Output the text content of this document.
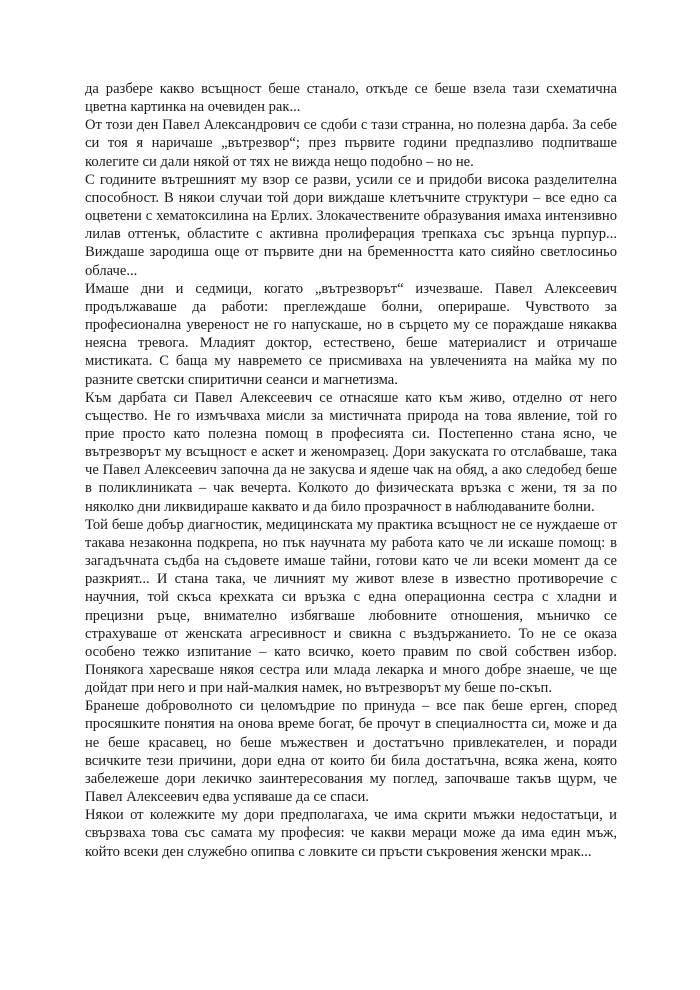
да разбере какво всъщност беше станало, откъде се беше взела тази схематична цветна картинка на очевиден рак...

От този ден Павел Александрович се сдоби с тази странна, но полезна дарба. За себе си тоя я наричаше „вътрезвор“; през първите години предпазливо подпитваше колегите си дали някой от тях не вижда нещо подобно – но не.

С годините вътрешният му взор се разви, усили се и придоби висока разделителна способност. В някои случаи той дори виждаше клетъчните структури – все едно са оцветени с хематоксилина на Ерлих. Злокачествените образувания имаха интензивно лилав оттенък, областите с активна пролиферация трепкаха със зрънца пурпур... Виждаше зародиша още от първите дни на бременността като сияйно светлосиньо облаче...

Имаше дни и седмици, когато „вътрезворът“ изчезваше. Павел Алексеевич продължаваше да работи: преглеждаше болни, оперираше. Чувството за професионална увереност не го напускаше, но в сърцето му се пораждаше някаква неясна тревога. Младият доктор, естествено, беше материалист и отричаше мистиката. С баща му навремето се присмиваха на увлеченията на майка му по разните светски спиритични сеанси и магнетизма.

Към дарбата си Павел Алексеевич се отнасяше като към живо, отделно от него същество. Не го измъчваха мисли за мистичната природа на това явление, той го прие просто като полезна помощ в професията си. Постепенно стана ясно, че вътрезворът му всъщност е аскет и женомразец. Дори закуската го отслабваше, така че Павел Алексеевич започна да не закусва и ядеше чак на обяд, а ако следобед беше в поликлиниката – чак вечерта. Колкото до физическата връзка с жени, тя за по няколко дни ликвидираше каквато и да било прозрачност в наблюдаваните болни.

Той беше добър диагностик, медицинската му практика всъщност не се нуждаеше от такава незаконна подкрепа, но пък научната му работа като че ли искаше помощ: в загадъчната съдба на съдовете имаше тайни, готови като че ли всеки момент да се разкрият... И стана така, че личният му живот влезе в известно противоречие с научния, той скъса крехката си връзка с една операционна сестра с хладни и прецизни ръце, внимателно избягваше любовните отношения, мъничко се страхуваше от женската агресивност и свикна с въздържанието. То не се оказа особено тежко изпитание – като всичко, което правим по свой собствен избор. Понякога харесваше някоя сестра или млада лекарка и много добре знаеше, че ще дойдат при него и при най-малкия намек, но вътрезворът му беше по-скъп.

Бранеше доброволното си целомъдрие по принуда – все пак беше ерген, според просяшките понятия на онова време богат, бе прочут в специалността си, може и да не беше красавец, но беше мъжествен и достатъчно привлекателен, и поради всичките тези причини, дори една от които би била достатъчна, всяка жена, която забележеше дори лекичко заинтересования му поглед, започваше такъв щурм, че Павел Алексеевич едва успяваше да се спаси.

Някои от колежките му дори предполагаха, че има скрити мъжки недостатъци, и свързваха това със самата му професия: че какви мераци може да има един мъж, който всеки ден служебно опипва с ловките си пръсти съкровения женски мрак...
